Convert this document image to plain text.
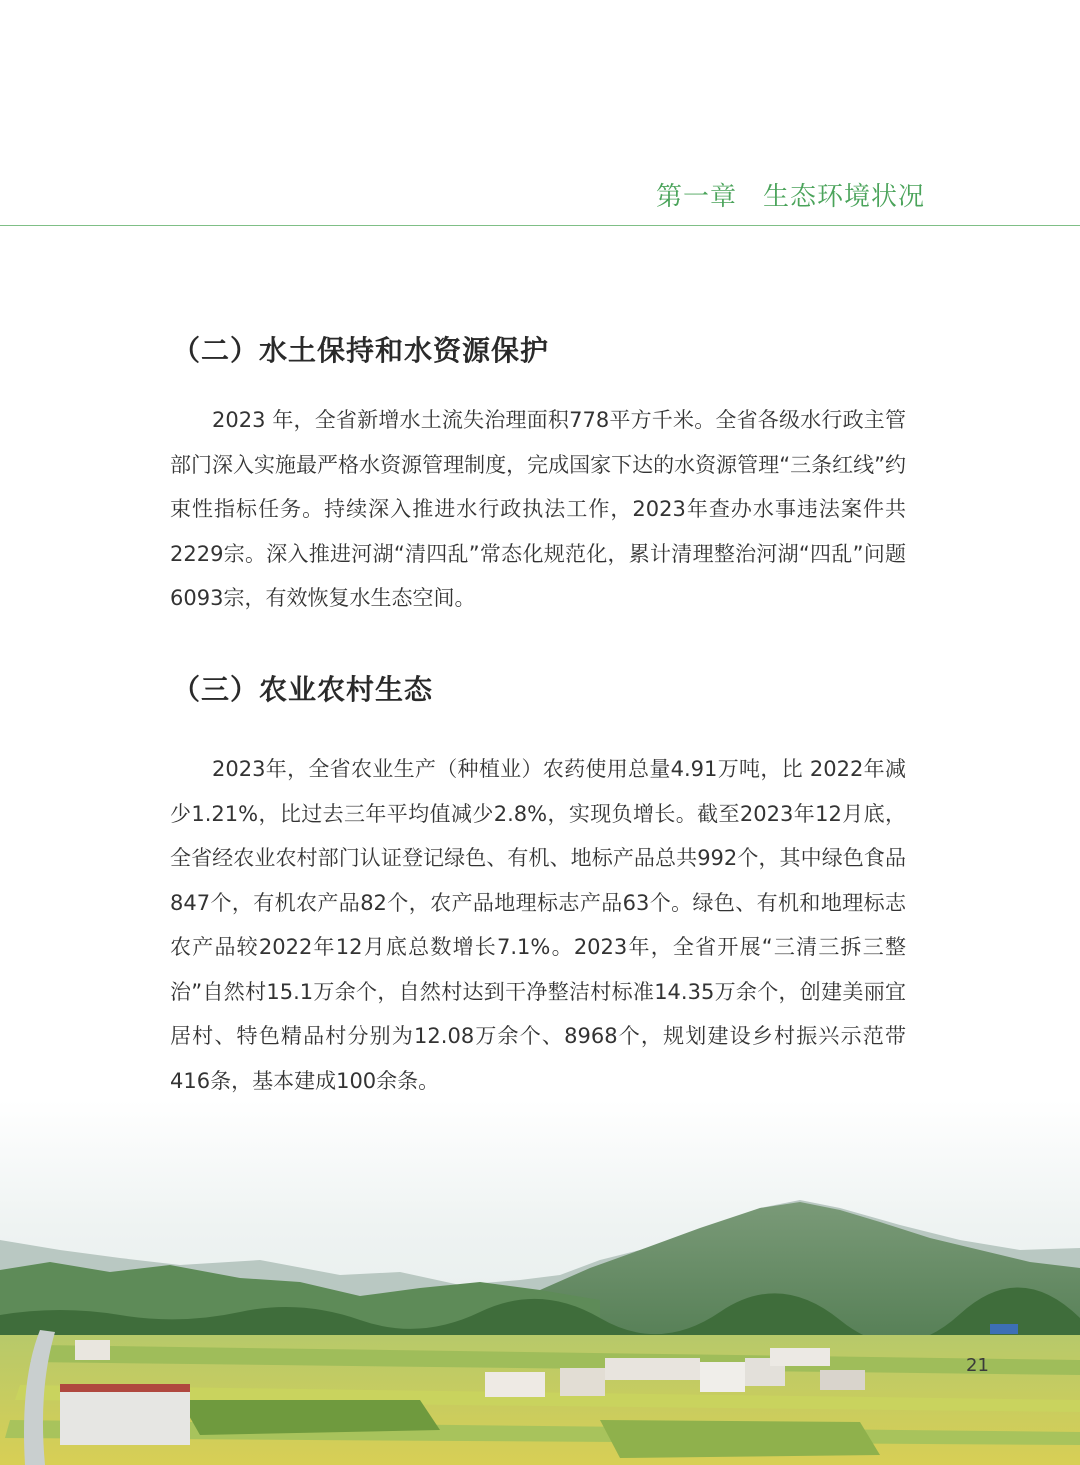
第一章 生态环境状况
（二）水土保持和水资源保护

2023 年，全省新增水土流失治理面积778平方千米。全省各级水行政主管部门深入实施最严格水资源管理制度，完成国家下达的水资源管理“三条红线”约束性指标任务。持续深入推进水行政执法工作，2023年查办水事违法案件共2229宗。深入推进河湖“清四乱”常态化规范化，累计清理整治河湖“四乱”问题6093宗，有效恢复水生态空间。

（三）农业农村生态

2023年，全省农业生产（种植业）农药使用总量4.91万吨，比 2022年减少1.21%，比过去三年平均值减少2.8%，实现负增长。截至2023年12月底，全省经农业农村部门认证登记绿色、有机、地标产品总共992个，其中绿色食品847个，有机农产品82个，农产品地理标志产品63个。绿色、有机和地理标志农产品较2022年12月底总数增长7.1%。2023年，全省开展“三清三拆三整治”自然村15.1万余个，自然村达到干净整洁村标准14.35万余个，创建美丽宜居村、特色精品村分别为12.08万余个、8968个，规划建设乡村振兴示范带416条，基本建成100余条。

21
